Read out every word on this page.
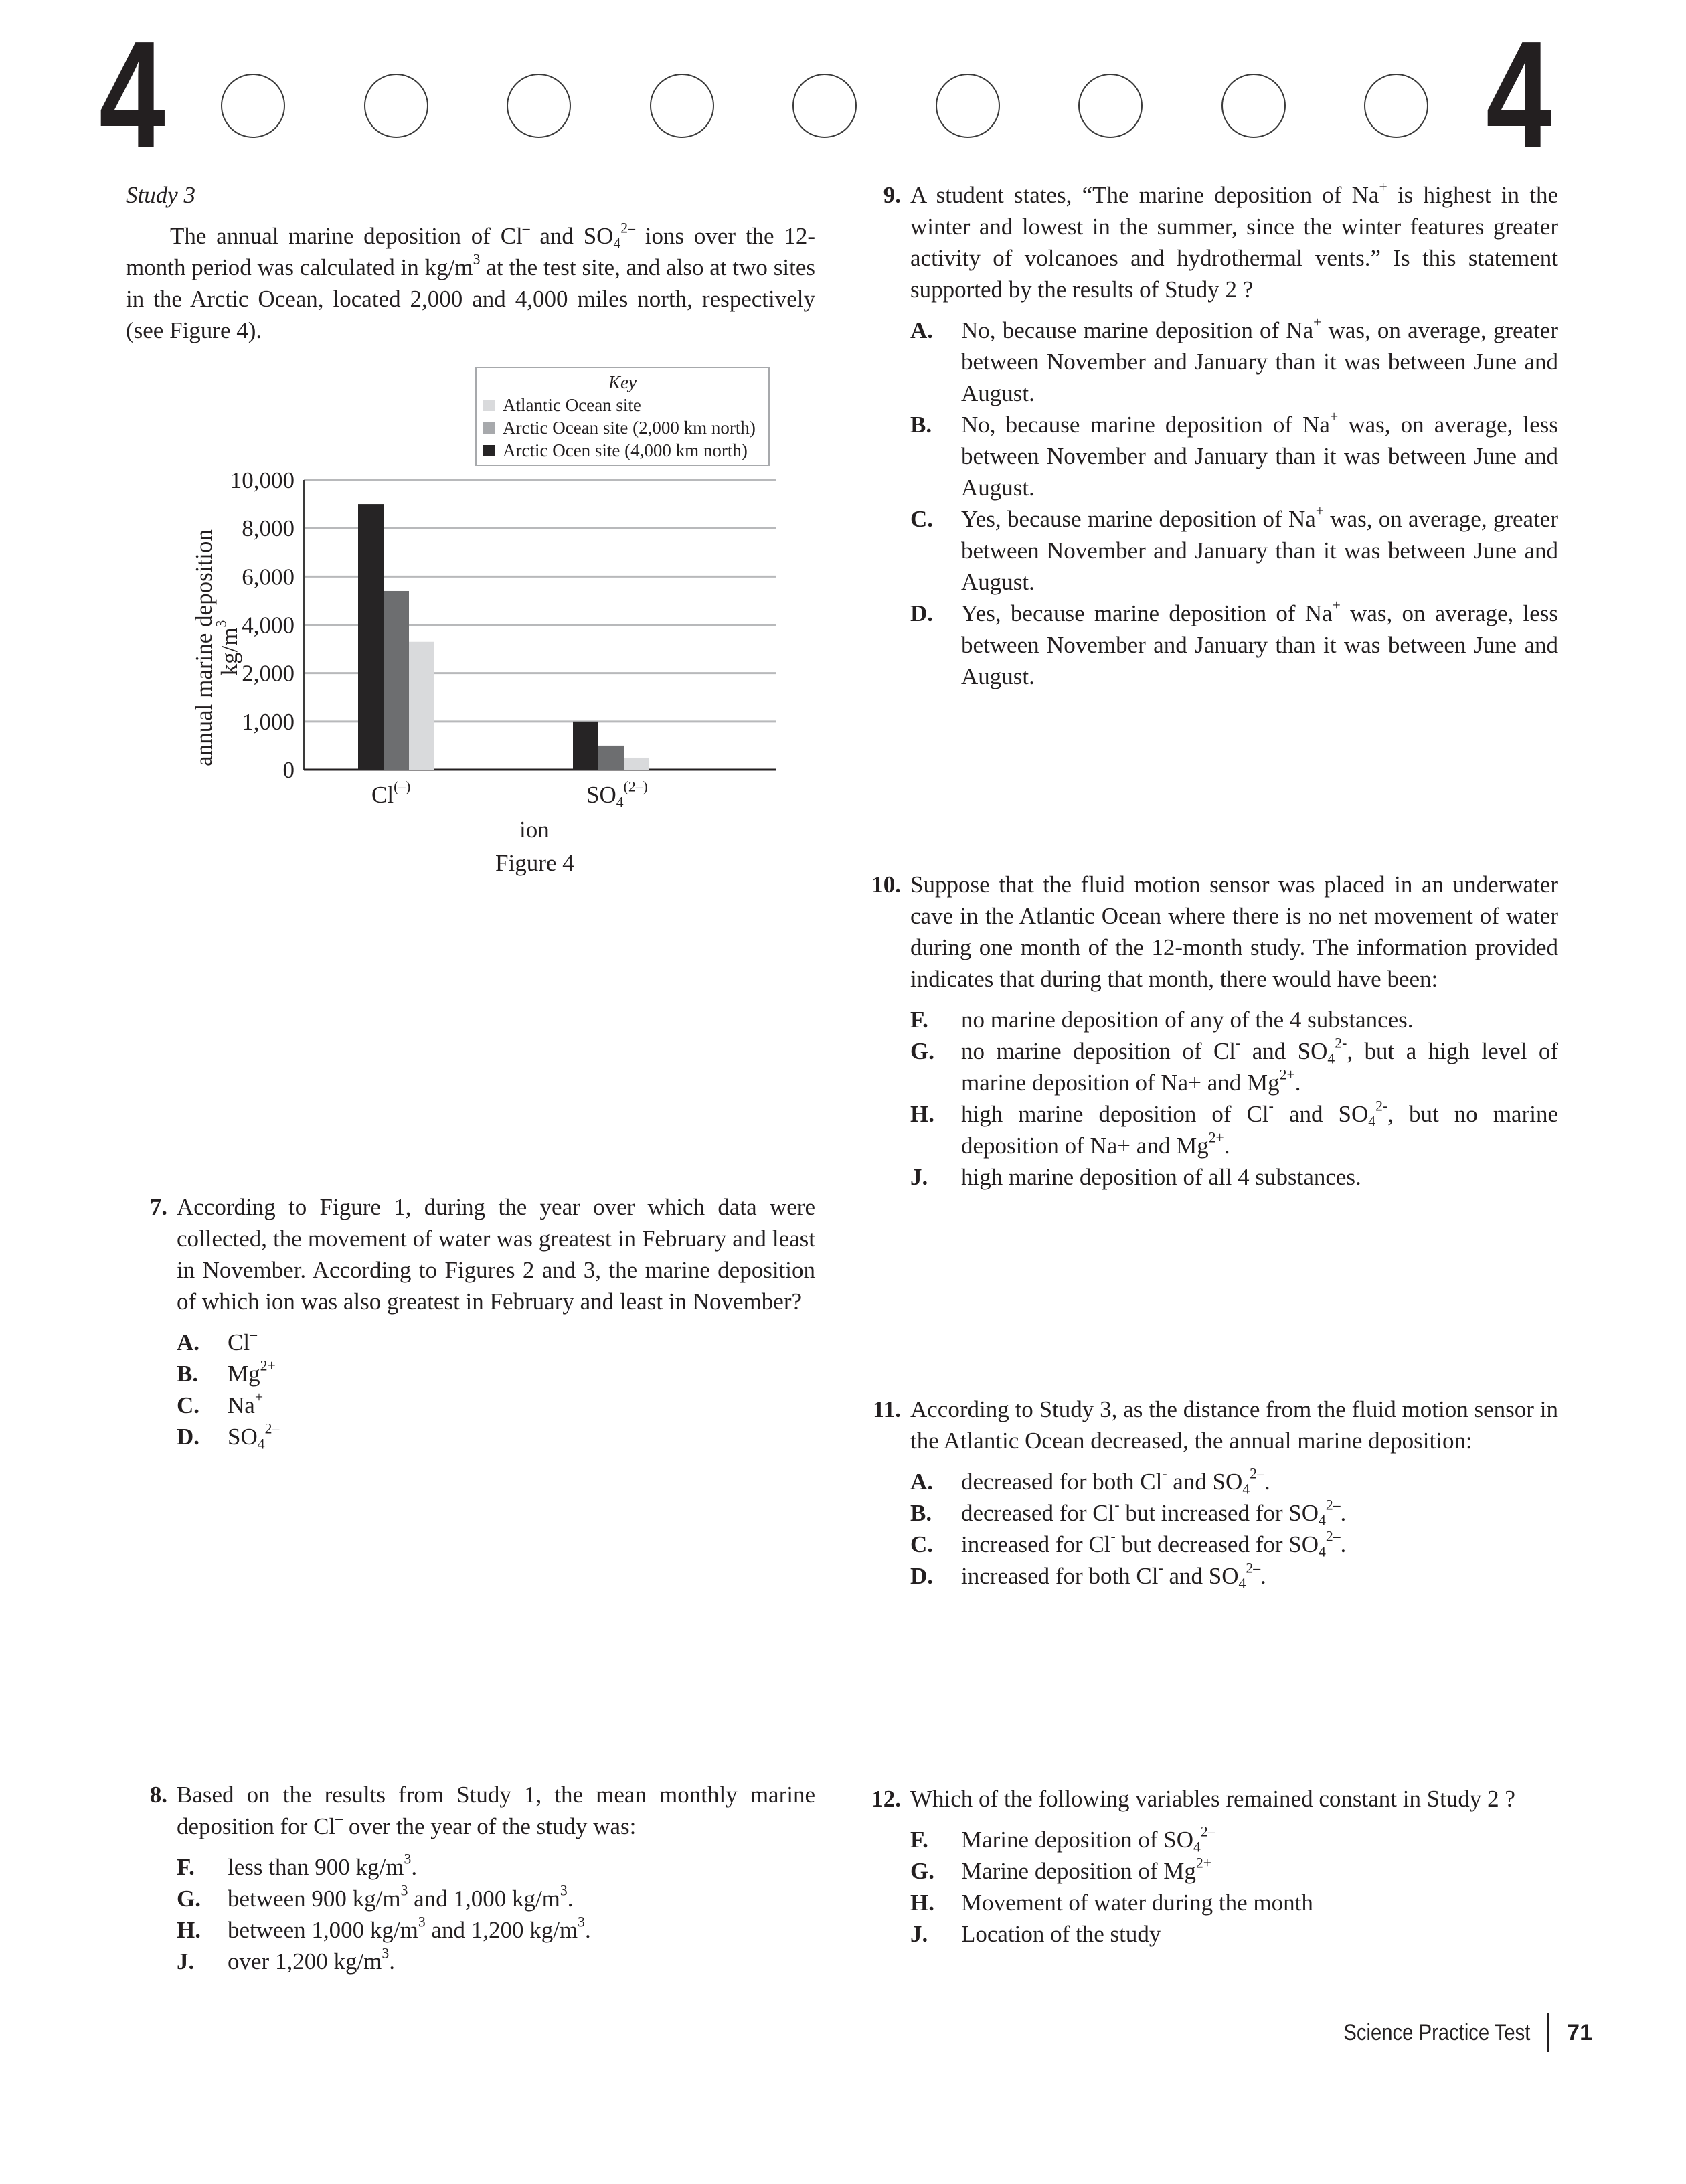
4	4
Study 3
The annual marine deposition of Cl– and $SO_4^{2-}$ ions over the 12-month period was calculated in $kg/m^3$ at the test site, and also at two sites in the Arctic Ocean, located 2,000 and 4,000 miles north, respectively (see Figure 4).
Key
Atlantic Ocean site
Arctic Ocean site (2,000 km north)
Arctic Ocen site (4,000 km north)
0
1,000
2,000
4,000
6,000
8,000
10,000
Cl(–)	$SO_4^{(2-)}$
ion
annual marine deposition $kg/m^3$
Figure 4
7. According to Figure 1, during the year over which data were collected, the movement of water was greatest in February and least in November. According to Figures 2 and 3, the marine deposition of which ion was also greatest in February and least in November?
A. Cl–
B. $Mg^{2+}$
C. Na+
D. $SO_4^{2-}$
8. Based on the results from Study 1, the mean monthly marine deposition for Cl– over the year of the study was:
F. less than 900 $kg/m^3$.
G. between 900 $kg/m^3$ and 1,000 $kg/m^3$.
H. between 1,000 $kg/m^3$ and 1,200 $kg/m^3$.
J. over 1,200 $kg/m^3$.
9. A student states, “The marine deposition of Na+ is highest in the winter and lowest in the summer, since the winter features greater activity of volcanoes and hydrothermal vents.” Is this statement supported by the results of Study 2 ?
A. No, because marine deposition of Na+ was, on average, greater between November and January than it was between June and August.
B. No, because marine deposition of Na+ was, on average, less between November and January than it was between June and August.
C. Yes, because marine deposition of Na+ was, on average, greater between November and January than it was between June and August.
D. Yes, because marine deposition of Na+ was, on average, less between November and January than it was between June and August.
10. Suppose that the fluid motion sensor was placed in an underwater cave in the Atlantic Ocean where there is no net movement of water during one month of the 12-month study. The information provided indicates that during that month, there would have been:
F. no marine deposition of any of the 4 substances.
G. no marine deposition of Cl- and $SO_4^{2-}$, but a high level of marine deposition of Na+ and $Mg^{2+}$.
H. high marine deposition of Cl- and $SO_4^{2-}$, but no marine deposition of Na+ and $Mg^{2+}$.
J. high marine deposition of all 4 substances.
11. According to Study 3, as the distance from the fluid motion sensor in the Atlantic Ocean decreased, the annual marine deposition:
A. decreased for both Cl- and $SO_4^{2-}$.
B. decreased for Cl- but increased for $SO_4^{2-}$.
C. increased for Cl- but decreased for $SO_4^{2-}$.
D. increased for both Cl- and $SO_4^{2-}$.
12. Which of the following variables remained constant in Study 2 ?
F. Marine deposition of $SO_4^{2-}$
G. Marine deposition of $Mg^{2+}$
H. Movement of water during the month
J. Location of the study
Science Practice Test 71
